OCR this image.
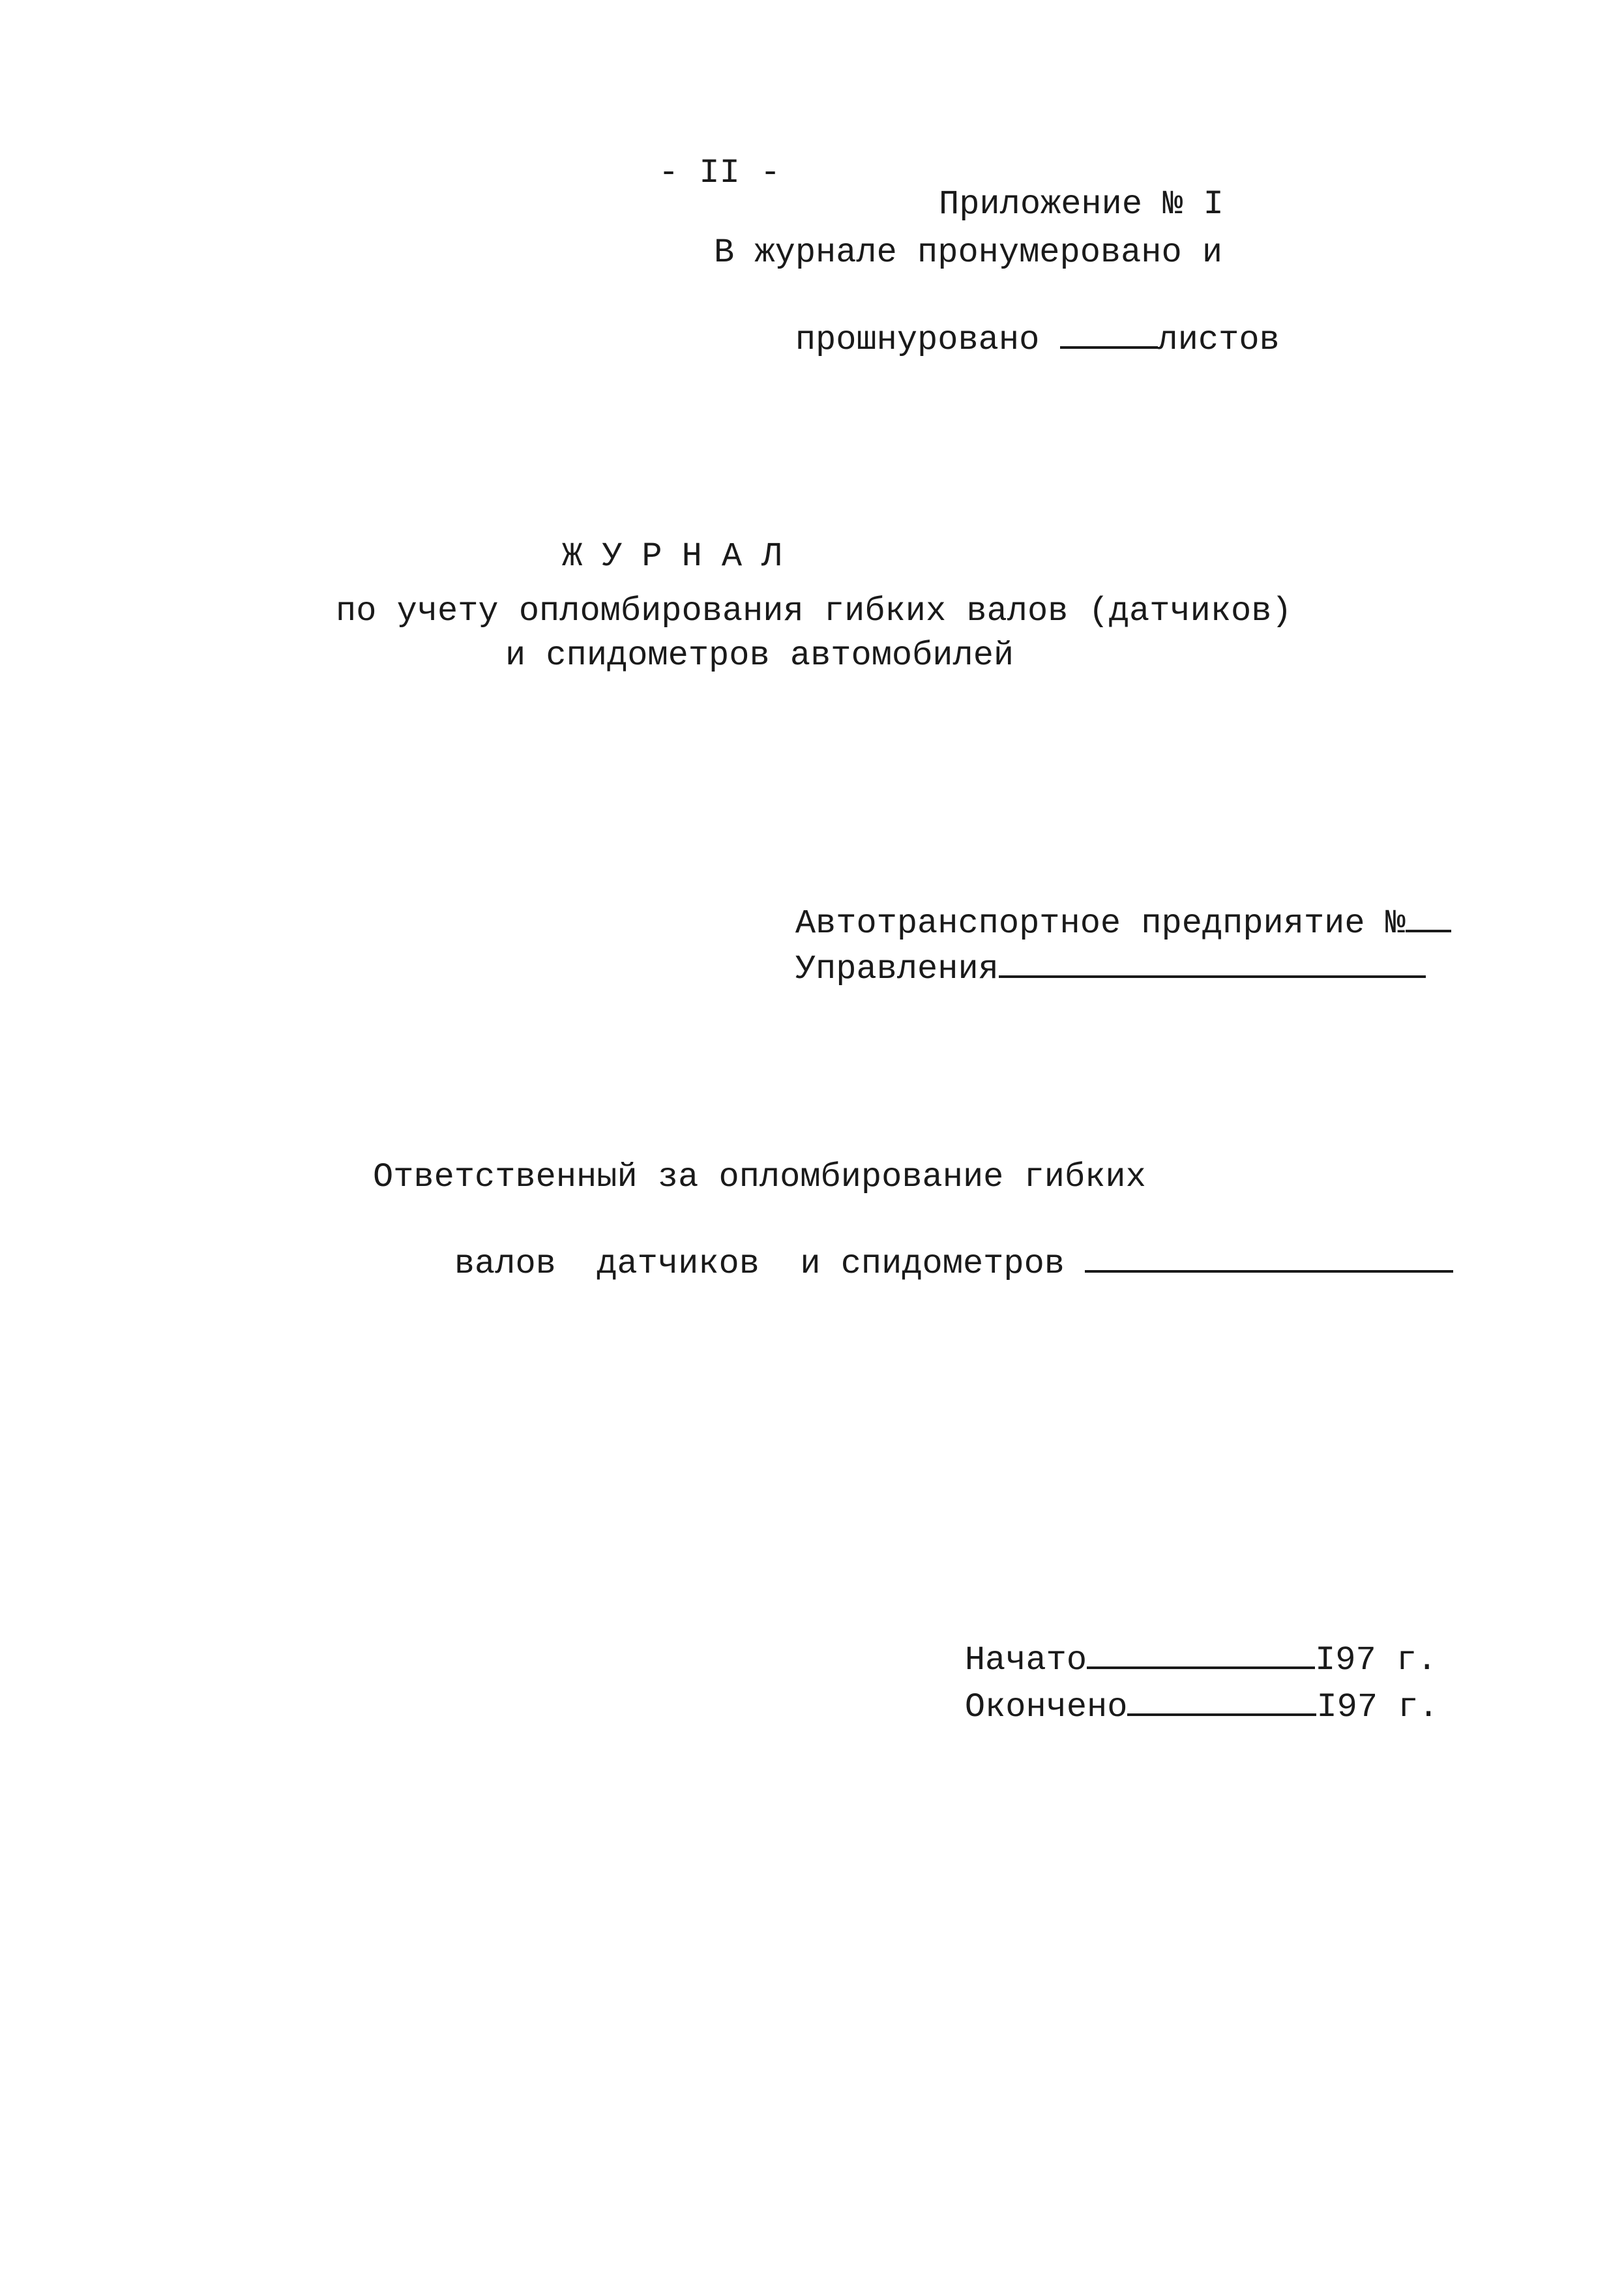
- II -
Приложение № I
В журнале пронумеровано и

прошнуровано	листов

ЖУРНАЛ
по учету опломбирования гибких валов (датчиков)
и спидометров автомобилей

Автотранспортное предприятие №

Управления

Ответственный за опломбирование гибких

валов  датчиков  и спидометров

Начато	I97 г.

Окончено	I97 г.
